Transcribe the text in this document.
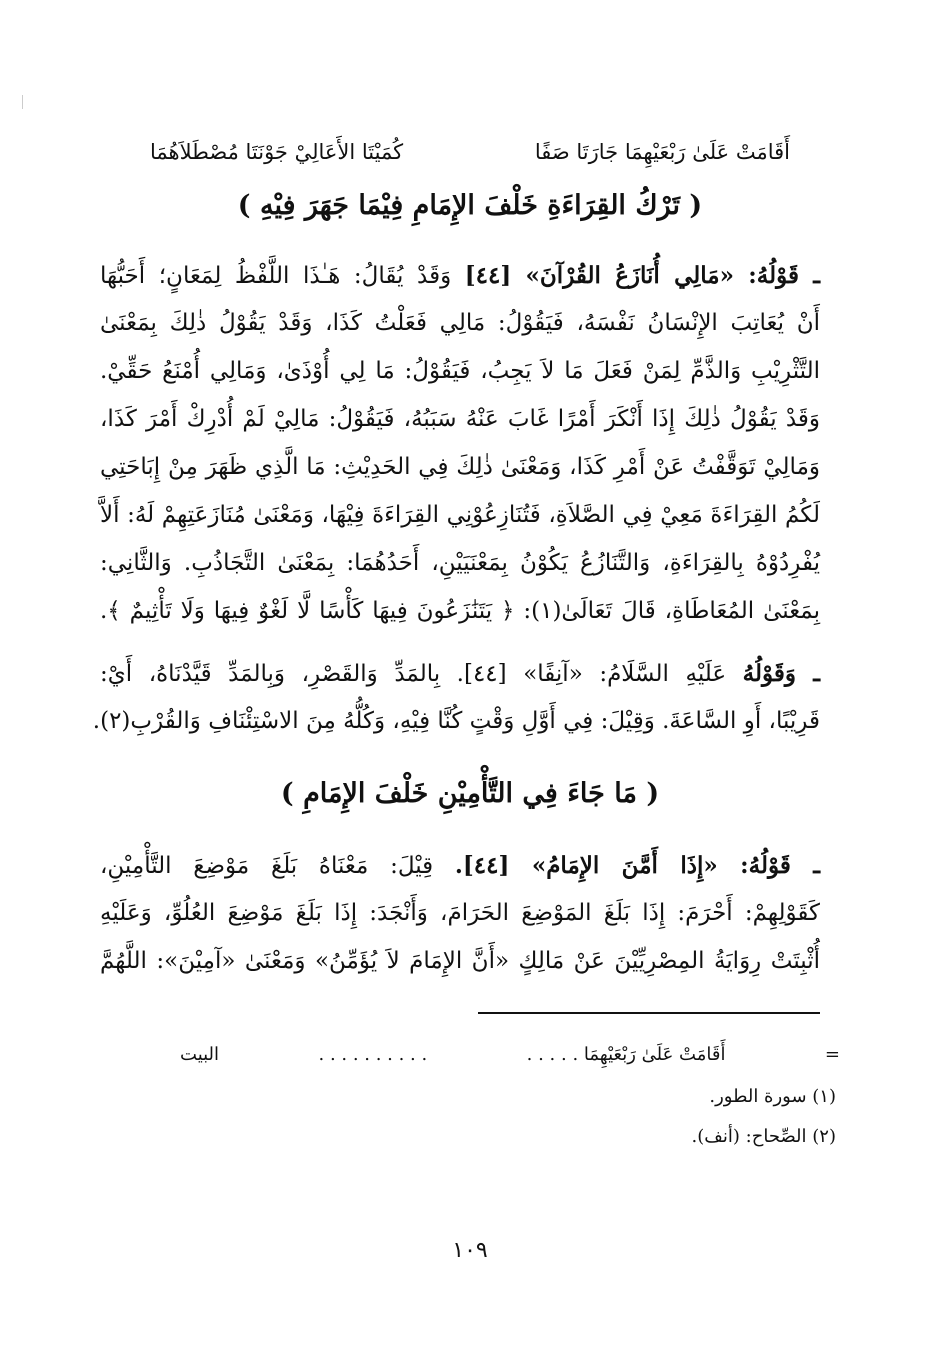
أَقَامَتْ عَلَىٰ رَبْعَيْهِمَا جَارَتَا صَفًا
كُمَيْتَا الأَعَالِيْ جَوْنَتَا مُصْطَلاَهُمَا
( تَرْكُ القِرَاءَةِ خَلْفَ الإِمَامِ فِيْمَا جَهَرَ فِيْهِ )
ـ قَوْلُهُ: «مَالِي أُنَازَعُ القُرْآنَ» [٤٤] وَقَدْ يُقَالُ: هَـٰذَا اللَّفْظُ لِمَعَانٍ؛ أَحَبُّهَا
أَنْ يُعَاتِبَ الإِنْسَانُ نَفْسَهُ، فَيَقُوْلُ: مَالِي فَعَلْتُ كَذَا، وَقَدْ يَقُوْلُ ذٰلِكَ بِمَعْنَىٰ
التَّثْرِيْبِ وَالذَّمِّ لِمَنْ فَعَلَ مَا لاَ يَجِبُ، فَيَقُوْلُ: مَا لِي أُوْذَىٰ، وَمَالِي أُمْنَعُ حَقِّيْ.
وَقَدْ يَقُوْلُ ذٰلِكَ إِذَا أَنْكَرَ أَمْرًا غَابَ عَنْهُ سَبَبُهُ، فَيَقُوْلُ: مَالِيْ لَمْ أُدْرِكْ أَمْرَ كَذَا،
وَمَالِيْ تَوَقَّفْتُ عَنْ أَمْرِ كَذَا، وَمَعْنَىٰ ذٰلِكَ فِي الحَدِيْثِ: مَا الَّذِي ظَهَرَ مِنْ إِبَاحَتِي
لَكُمُ القِرَاءَةَ مَعِيْ فِي الصَّلاَةِ، فَتُنَازِعُوْنِي القِرَاءَةَ فِيْهَا، وَمَعْنَىٰ مُنَازَعَتِهِمْ لَهُ: أَلاَّ
يُفْرِدُوْهُ بِالقِرَاءَةِ، وَالتَّنَازُعُ يَكُوْنُ بِمَعْنَيَيْنِ، أَحَدُهُمَا: بِمَعْنَىٰ التَّجَاذُبِ. وَالثَّانِي:
بِمَعْنَىٰ المُعَاطَاةِ، قَالَ تَعَالَىٰ(١): ﴿ يَتَنَٰزَعُونَ فِيهَا كَأْسًا لَّا لَغْوٌ فِيهَا وَلَا تَأْثِيمٌ ﴾.
ـ وَقَوْلُهُ عَلَيْهِ السَّلَامُ: «آنِفًا» [٤٤]. بِالمَدِّ وَالقَصْرِ، وَبِالمَدِّ قَيَّدْنَاهُ، أَيْ:
قَرِيْبًا، أَوِ السَّاعَةَ. وَقِيْلَ: فِي أَوَّلِ وَقْتٍ كُنَّا فِيْهِ، وَكُلُّهُ مِنَ الاسْتِئْنَافِ وَالقُرْبِ(٢).
( مَا جَاءَ فِي التَّأْمِيْنِ خَلْفَ الإِمَامِ )
ـ قَوْلُهُ: «إِذَا أَمَّنَ الإِمَامُ» [٤٤]. قِيْلَ: مَعْنَاهُ بَلَغَ مَوْضِعَ التَّأْمِيْنِ،
كَقَوْلِهِمْ: أَحْرَمَ: إِذَا بَلَغَ المَوْضِعَ الحَرَامَ، وَأَنْجَدَ: إِذَا بَلَغَ مَوْضِعَ العُلُوِّ، وَعَلَيْهِ
أُثْبِتَتْ رِوَايَةُ المِصْرِيِّيْنَ عَنْ مَالِكٍ «أَنَّ الإِمَامَ لاَ يُؤَمِّنُ» وَمَعْنَىٰ «آمِيْنَ»: اللَّهُمَّ
=
أَقَامَتْ عَلَىٰ رَبْعَيْهِمَا . . . . .
. . . . . . . . . .
البيت
(١) سورة الطور.
(٢) الصِّحاح: (أنف).
١٠٩
